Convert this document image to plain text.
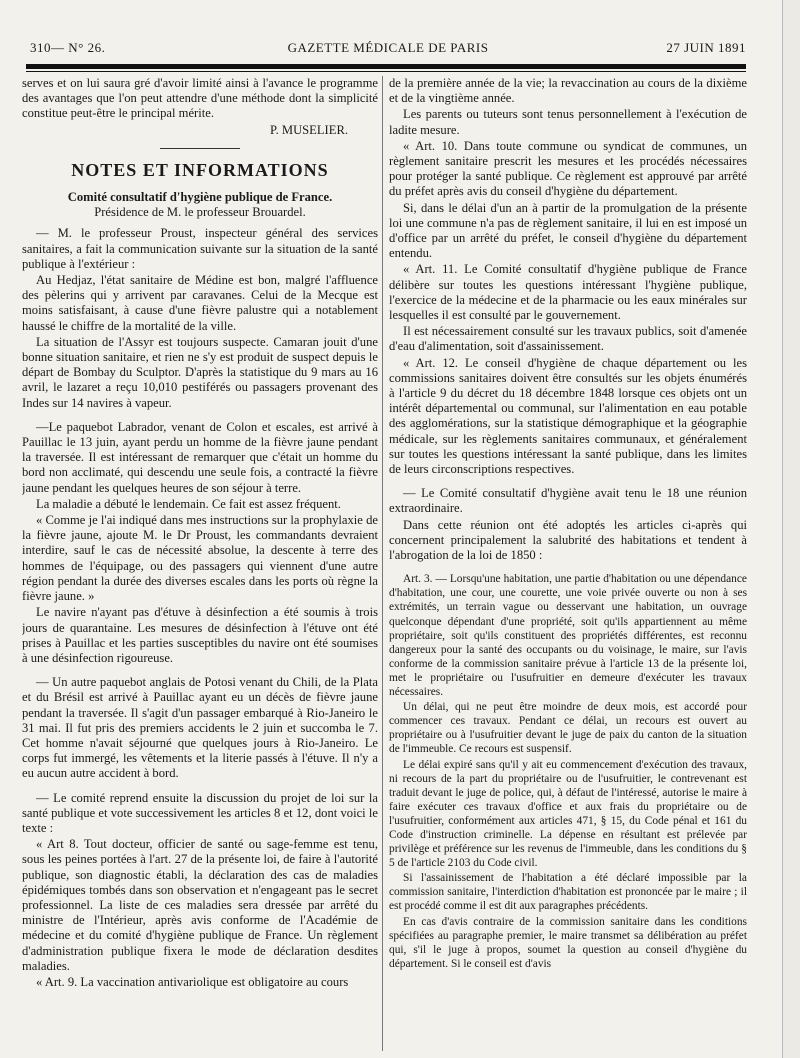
310— N° 26.	GAZETTE MÉDICALE DE PARIS	27 JUIN 1891

serves et on lui saura gré d'avoir limité ainsi à l'avance le programme des avantages que l'on peut attendre d'une méthode dont la simplicité constitue peut-être le principal mérite.

P. MUSELIER.

NOTES ET INFORMATIONS
Comité consultatif d'hygiène publique de France.
Présidence de M. le professeur Brouardel.

— M. le professeur Proust, inspecteur général des services sanitaires, a fait la communication suivante sur la situation de la santé publique à l'extérieur :

Au Hedjaz, l'état sanitaire de Médine est bon, malgré l'affluence des pèlerins qui y arrivent par caravanes. Celui de la Mecque est moins satisfaisant, à cause d'une fièvre palustre qui a notablement haussé le chiffre de la mortalité de la ville.

La situation de l'Assyr est toujours suspecte. Camaran jouit d'une bonne situation sanitaire, et rien ne s'y est produit de suspect depuis le départ de Bombay du Sculptor. D'après la statistique du 9 mars au 16 avril, le lazaret a reçu 10,010 pestiférés ou passagers provenant des Indes sur 14 navires à vapeur.

—Le paquebot Labrador, venant de Colon et escales, est arrivé à Pauillac le 13 juin, ayant perdu un homme de la fièvre jaune pendant la traversée. Il est intéressant de remarquer que c'était un homme du bord non acclimaté, qui descendu une seule fois, a contracté la fièvre jaune pendant les quelques heures de son séjour à terre.

La maladie a débuté le lendemain. Ce fait est assez fréquent.

« Comme je l'ai indiqué dans mes instructions sur la prophylaxie de la fièvre jaune, ajoute M. le Dr Proust, les commandants devraient interdire, sauf le cas de nécessité absolue, la descente à terre des hommes de l'équipage, ou des passagers qui viennent d'une autre région pendant la durée des diverses escales dans les ports où règne la fièvre jaune. »

Le navire n'ayant pas d'étuve à désinfection a été soumis à trois jours de quarantaine. Les mesures de désinfection à l'étuve ont été prises à Pauillac et les parties susceptibles du navire ont été soumises à une désinfection rigoureuse.

— Un autre paquebot anglais de Potosi venant du Chili, de la Plata et du Brésil est arrivé à Pauillac ayant eu un décès de fièvre jaune pendant la traversée. Il s'agit d'un passager embarqué à Rio-Janeiro le 31 mai. Il fut pris des premiers accidents le 2 juin et succomba le 7. Cet homme n'avait séjourné que quelques jours à Rio-Janeiro. Le corps fut immergé, les vêtements et la literie passés à l'étuve. Il n'y a eu aucun autre accident à bord.

— Le comité reprend ensuite la discussion du projet de loi sur la santé publique et vote successivement les articles 8 et 12, dont voici le texte :

« Art 8. Tout docteur, officier de santé ou sage-femme est tenu, sous les peines portées à l'art. 27 de la présente loi, de faire à l'autorité publique, son diagnostic établi, la déclaration des cas de maladies épidémiques tombés dans son observation et n'engageant pas le secret professionnel. La liste de ces maladies sera dressée par arrêté du ministre de l'Intérieur, après avis conforme de l'Académie de médecine et du comité d'hygiène publique de France. Un règlement d'administration publique fixera le mode de déclaration desdites maladies.

« Art. 9. La vaccination antivariolique est obligatoire au cours

de la première année de la vie; la revaccination au cours de la dixième et de la vingtième année.

Les parents ou tuteurs sont tenus personnellement à l'exécution de ladite mesure.

« Art. 10. Dans toute commune ou syndicat de communes, un règlement sanitaire prescrit les mesures et les procédés nécessaires pour protéger la santé publique. Ce règlement est approuvé par arrêté du préfet après avis du conseil d'hygiène du département.

Si, dans le délai d'un an à partir de la promulgation de la présente loi une commune n'a pas de règlement sanitaire, il lui en est imposé un d'office par un arrêté du préfet, le conseil d'hygiène du département entendu.

« Art. 11. Le Comité consultatif d'hygiène publique de France délibère sur toutes les questions intéressant l'hygiène publique, l'exercice de la médecine et de la pharmacie ou les eaux minérales sur lesquelles il est consulté par le gouvernement.

Il est nécessairement consulté sur les travaux publics, soit d'amenée d'eau d'alimentation, soit d'assainissement.

« Art. 12. Le conseil d'hygiène de chaque département ou les commissions sanitaires doivent être consultés sur les objets énumérés à l'article 9 du décret du 18 décembre 1848 lorsque ces objets ont un intérêt départemental ou communal, sur l'alimentation en eau potable des agglomérations, sur la statistique démographique et la géographie médicale, sur les règlements sanitaires communaux, et généralement sur toutes les questions intéressant la santé publique, dans les limites de leurs circonscriptions respectives.

— Le Comité consultatif d'hygiène avait tenu le 18 une réunion extraordinaire.

Dans cette réunion ont été adoptés les articles ci-après qui concernent principalement la salubrité des habitations et tendent à l'abrogation de la loi de 1850 :

Art. 3. — Lorsqu'une habitation, une partie d'habitation ou une dépendance d'habitation, une cour, une courette, une voie privée ouverte ou non à ses extrémités, un terrain vague ou desservant une habitation, un ouvrage quelconque dépendant d'une propriété, soit qu'ils appartiennent au même propriétaire, soit qu'ils constituent des propriétés différentes, est reconnu dangereux pour la santé des occupants ou du voisinage, le maire, sur l'avis conforme de la commission sanitaire prévue à l'article 13 de la présente loi, met le propriétaire ou l'usufruitier en demeure d'exécuter les travaux nécessaires.

Un délai, qui ne peut être moindre de deux mois, est accordé pour commencer ces travaux. Pendant ce délai, un recours est ouvert au propriétaire ou à l'usufruitier devant le juge de paix du canton de la situation de l'immeuble. Ce recours est suspensif.

Le délai expiré sans qu'il y ait eu commencement d'exécution des travaux, ni recours de la part du propriétaire ou de l'usufruitier, le contrevenant est traduit devant le juge de police, qui, à défaut de l'intéressé, autorise le maire à faire exécuter ces travaux d'office et aux frais du propriétaire ou de l'usufruitier, conformément aux articles 471, § 15, du Code pénal et 161 du Code d'instruction criminelle. La dépense en résultant est prélevée par privilège et préférence sur les revenus de l'immeuble, dans les conditions du § 5 de l'article 2103 du Code civil.

Si l'assainissement de l'habitation a été déclaré impossible par la commission sanitaire, l'interdiction d'habitation est prononcée par le maire ; il est procédé comme il est dit aux paragraphes précédents.

En cas d'avis contraire de la commission sanitaire dans les conditions spécifiées au paragraphe premier, le maire transmet sa délibération au préfet qui, s'il le juge à propos, soumet la question au conseil d'hygiène du département. Si le conseil est d'avis
